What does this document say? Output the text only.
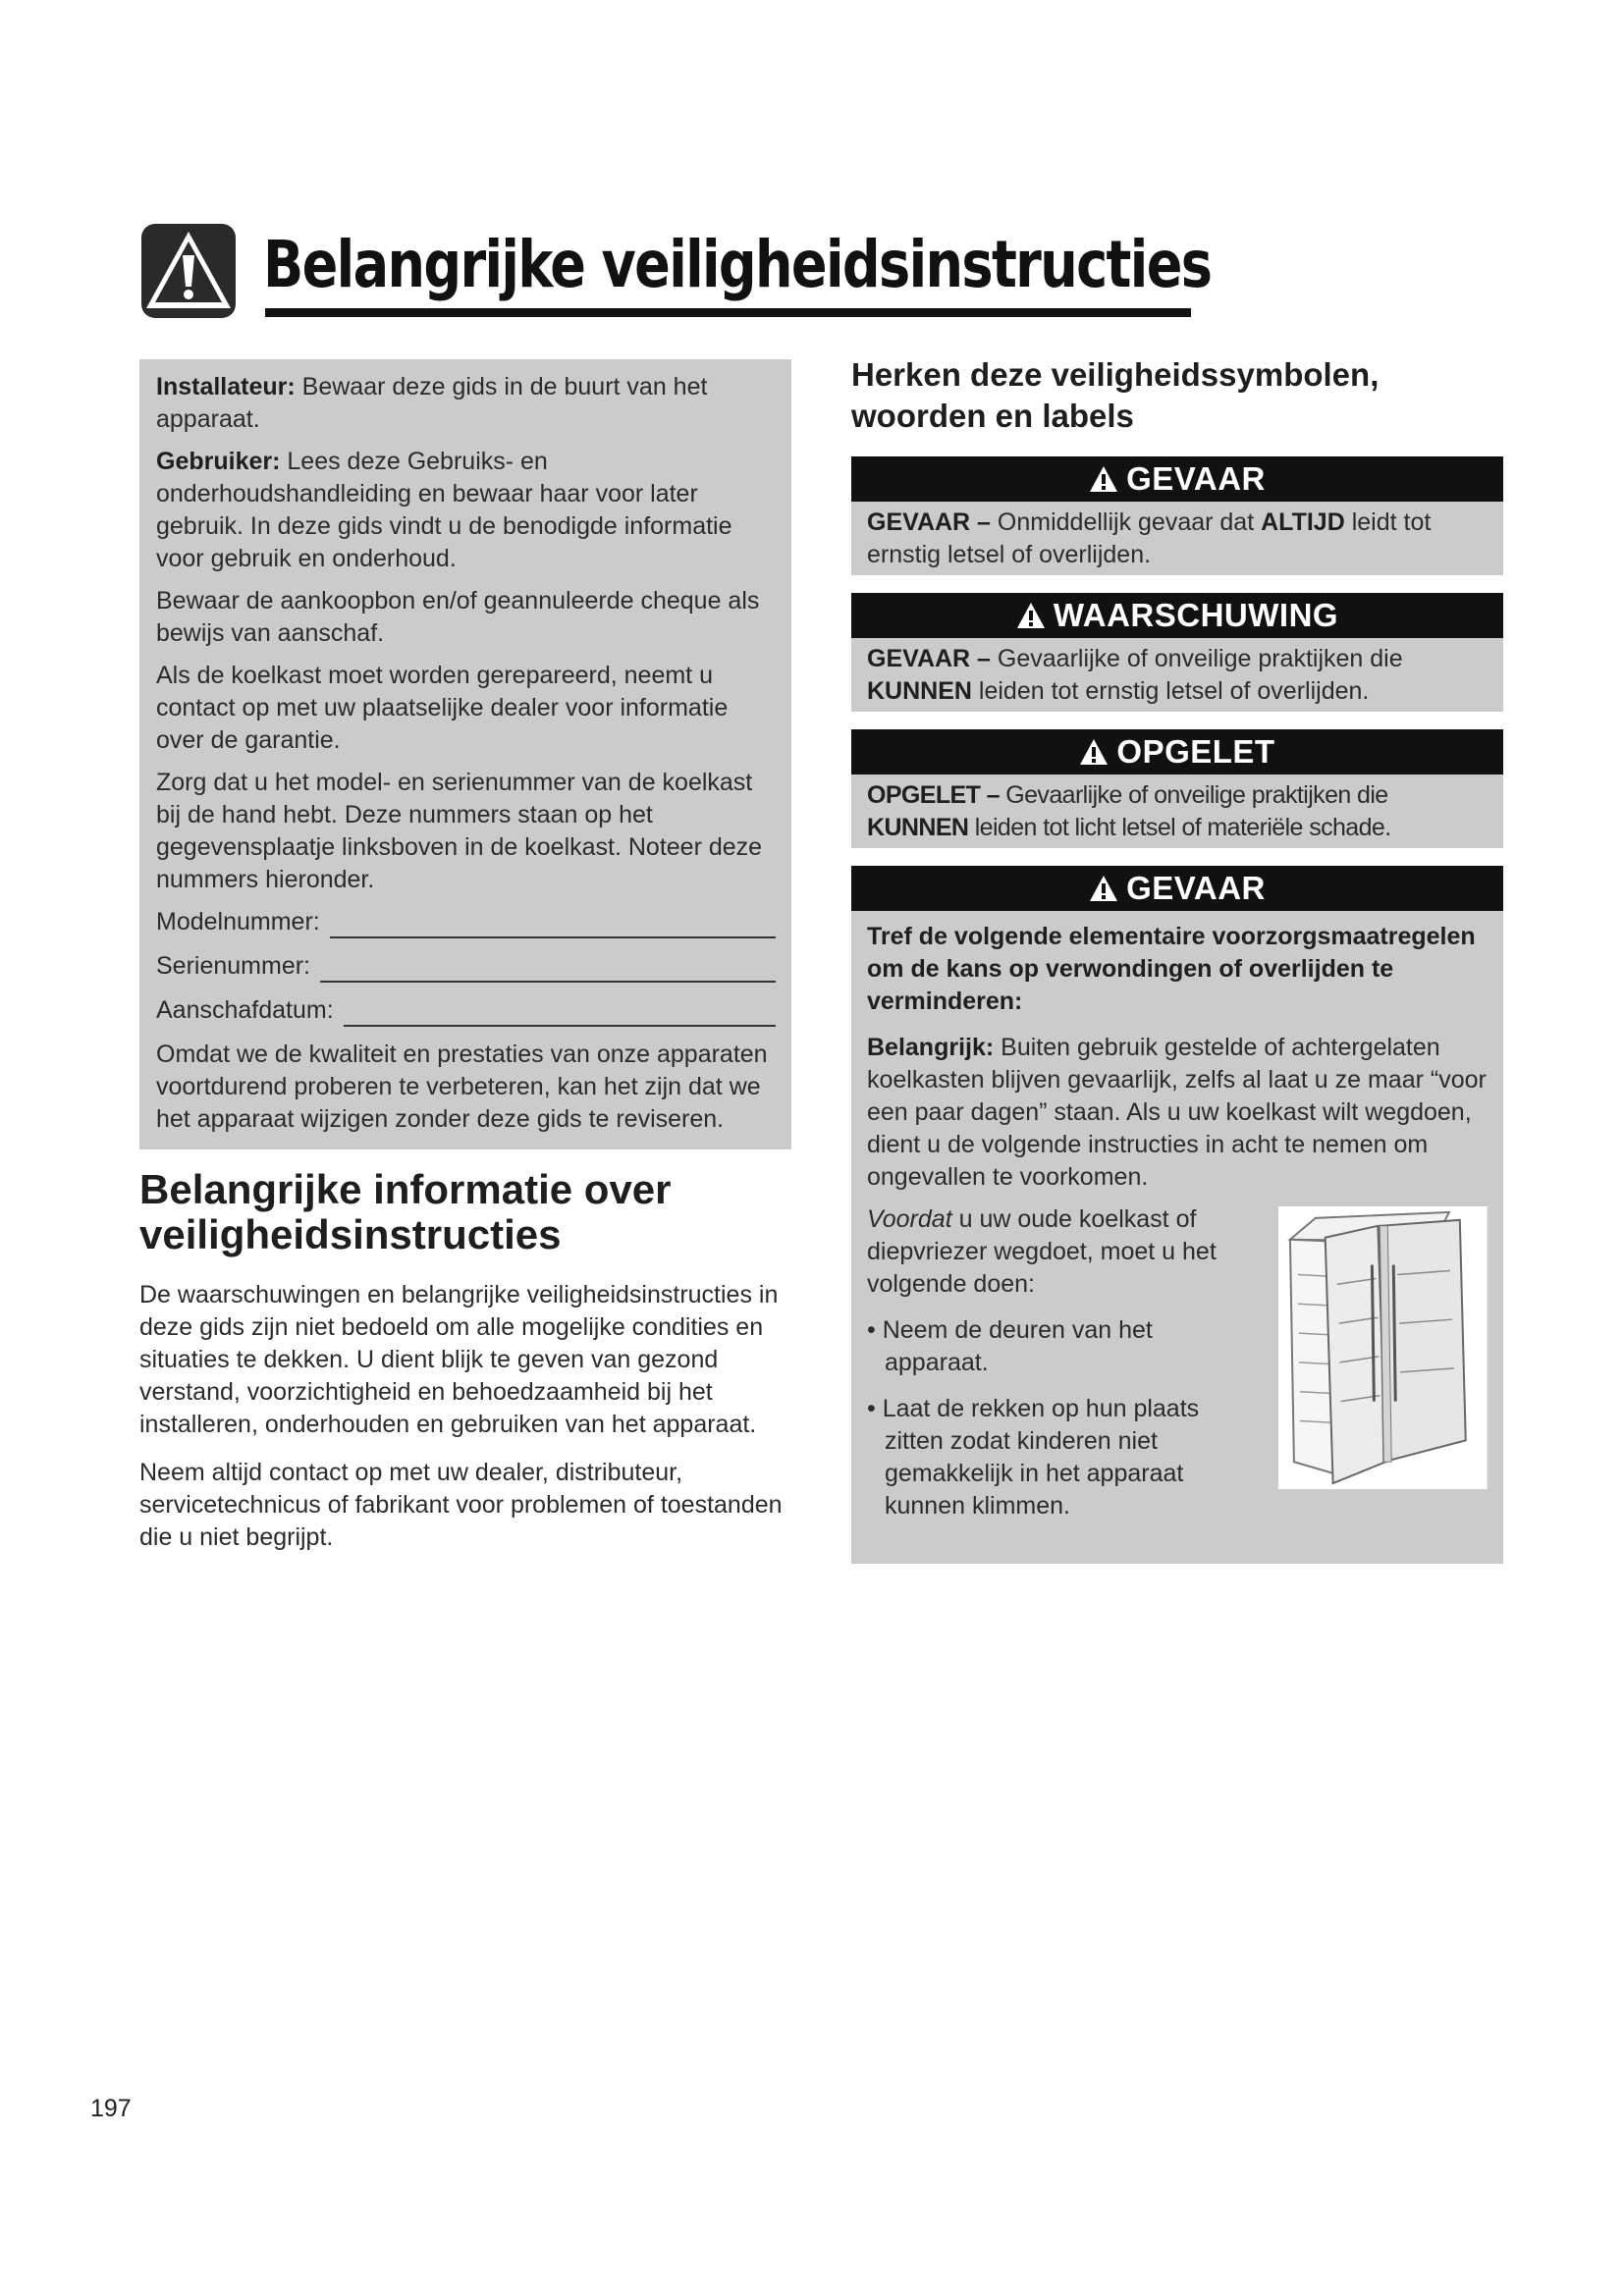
Belangrijke veiligheidsinstructies

Installateur: Bewaar deze gids in de buurt van het apparaat.

Gebruiker: Lees deze Gebruiks- en onderhoudshandleiding en bewaar haar voor later gebruik. In deze gids vindt u de benodigde informatie voor gebruik en onderhoud.

Bewaar de aankoopbon en/of geannuleerde cheque als bewijs van aanschaf.

Als de koelkast moet worden gerepareerd, neemt u contact op met uw plaatselijke dealer voor informatie over de garantie.

Zorg dat u het model- en serienummer van de koelkast bij de hand hebt. Deze nummers staan op het gegevensplaatje linksboven in de koelkast. Noteer deze nummers hieronder.

Modelnummer:
Serienummer:
Aanschafdatum:

Omdat we de kwaliteit en prestaties van onze apparaten voortdurend proberen te verbeteren, kan het zijn dat we het apparaat wijzigen zonder deze gids te reviseren.

Belangrijke informatie over veiligheidsinstructies

De waarschuwingen en belangrijke veiligheidsinstructies in deze gids zijn niet bedoeld om alle mogelijke condities en situaties te dekken. U dient blijk te geven van gezond verstand, voorzichtigheid en behoedzaamheid bij het installeren, onderhouden en gebruiken van het apparaat.

Neem altijd contact op met uw dealer, distributeur, servicetechnicus of fabrikant voor problemen of toestanden die u niet begrijpt.

Herken deze veiligheidssymbolen, woorden en labels
GEVAAR
GEVAAR – Onmiddellijk gevaar dat ALTIJD leidt tot ernstig letsel of overlijden.
WAARSCHUWING
GEVAAR – Gevaarlijke of onveilige praktijken die KUNNEN leiden tot ernstig letsel of overlijden.
OPGELET
OPGELET – Gevaarlijke of onveilige praktijken die KUNNEN leiden tot licht letsel of materiële schade.
GEVAAR

Tref de volgende elementaire voorzorgsmaatregelen om de kans op verwondingen of overlijden te verminderen:

Belangrijk: Buiten gebruik gestelde of achtergelaten koelkasten blijven gevaarlijk, zelfs al laat u ze maar “voor een paar dagen” staan. Als u uw koelkast wilt wegdoen, dient u de volgende instructies in acht te nemen om ongevallen te voorkomen.

Voordat u uw oude koelkast of diepvriezer wegdoet, moet u het volgende doen:

• Neem de deuren van het apparaat.

• Laat de rekken op hun plaats zitten zodat kinderen niet gemakkelijk in het apparaat kunnen klimmen.

197
